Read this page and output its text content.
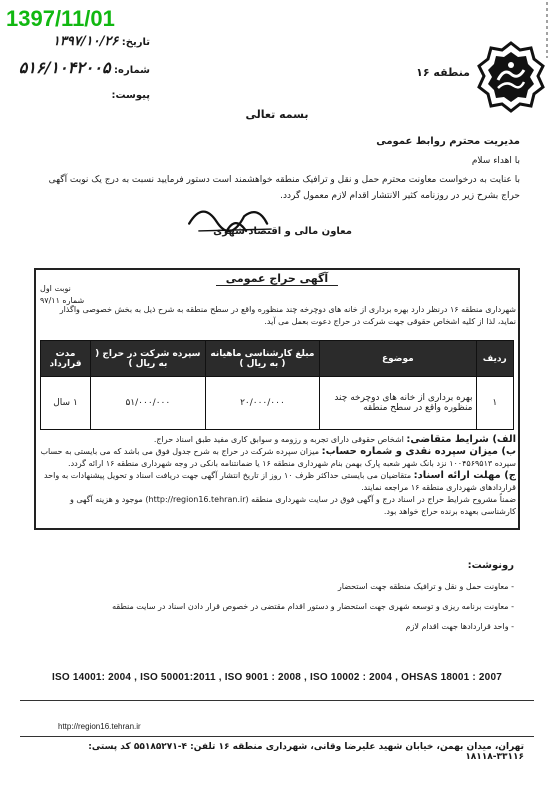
1397/11/01
تاریخ: ۱۳۹۷/۱۰/۲۶
شماره: ۵۱۶/۱۰۴۲۰۰۵
پیوست:
منطقه ۱۶
بسمه تعالی
مدیریت محترم روابط عمومی
با اهداء سلام
با عنایت به درخواست معاونت محترم حمل و نقل و ترافیک منطقه خواهشمند است دستور فرمایید نسبت به درج یک نوبت آگهی حراج بشرح زیر در روزنامه کثیر الانتشار اقدام لازم معمول گردد.
معاون مالی و اقتصاد شهری
آگهی حراج عمومی
نوبت اول
شماره ۹۷/۱۱
شهرداری منطقه ۱۶ درنظر دارد بهره برداری از خانه های دوچرخه چند منظوره واقع در سطح منطقه به شرح ذیل به بخش خصوصی واگذار نماید، لذا از کلیه اشخاص حقوقی جهت شرکت در حراج دعوت بعمل می آید.
ردیف	موضوع	مبلغ کارشناسی ماهیانه ( به ریال )	سپرده شرکت در حراج ( به ریال )	مدت قرارداد
۱	بهره برداری از خانه های دوچرخه چند منظوره واقع در سطح منطقه	۲۰/۰۰۰/۰۰۰	۵۱/۰۰۰/۰۰۰	۱ سال
الف) شرایط متقاضی: اشخاص حقوقی دارای تجربه و رزومه و سوابق کاری مفید طبق اسناد حراج.
ب) میزان سپرده نقدی و شماره حساب: میزان سپرده شرکت در حراج به شرح جدول فوق می باشد که می بایستی به حساب سپرده ۱۰۰۴۵۶۹۵۱۳ نزد بانک شهر شعبه پارک بهمن بنام شهرداری منطقه ۱۶ یا ضمانتنامه بانکی در وجه شهرداری منطقه ۱۶ ارائه گردد.
ج) مهلت ارائه اسناد: متقاضیان می بایستی حداکثر ظرف ۱۰ روز از تاریخ انتشار آگهی جهت دریافت اسناد و تحویل پیشنهادات به واحد قراردادهای شهرداری منطقه ۱۶ مراجعه نمایند.
ضمناً مشروح شرایط حراج در اسناد درج و آگهی فوق در سایت شهرداری منطقه (http://region16.tehran.ir) موجود و هزینه آگهی و کارشناسی بعهده برنده حراج خواهد بود.
رونوشت:
- معاونت حمل و نقل و ترافیک منطقه جهت استحضار
- معاونت برنامه ریزی و توسعه شهری جهت استحضار و دستور اقدام مقتضی در خصوص قرار دادن اسناد در سایت منطقه
- واحد قراردادها جهت اقدام لازم
ISO 14001: 2004 , ISO 50001:2011 , ISO 9001 : 2008 , ISO 10002 : 2004 , OHSAS 18001 : 2007
http://region16.tehran.ir
تهران، میدان بهمن، خیابان شهید علیرضا وقانی، شهرداری منطقه ۱۶ تلفن: ۴-۵۵۱۸۵۲۷۱ کد پستی: ۳۳۱۱۶-۱۸۱۱۸
